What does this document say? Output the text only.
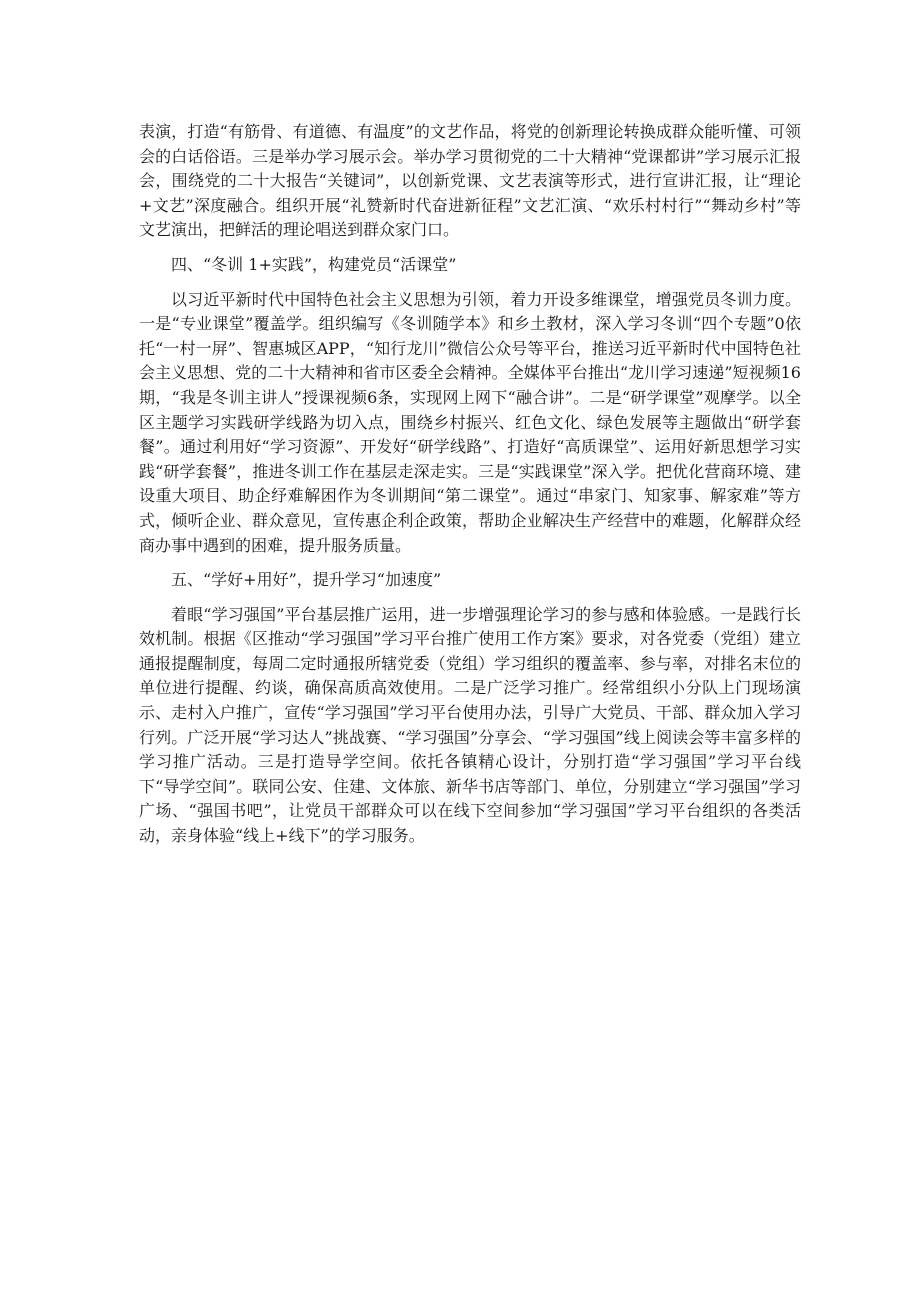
表演，打造“有筋骨、有道德、有温度”的文艺作品，将党的创新理论转换成群众能听懂、可领会的白话俗语。三是举办学习展示会。举办学习贯彻党的二十大精神“党课都讲”学习展示汇报会，围绕党的二十大报告“关键词”，以创新党课、文艺表演等形式，进行宣讲汇报，让“理论+文艺”深度融合。组织开展“礼赞新时代奋进新征程”文艺汇演、“欢乐村村行”“舞动乡村”等文艺演出，把鲜活的理论唱送到群众家门口。

四、“冬训 1+实践”，构建党员“活课堂”

以习近平新时代中国特色社会主义思想为引领，着力开设多维课堂，增强党员冬训力度。一是“专业课堂”覆盖学。组织编写《冬训随学本》和乡土教材，深入学习冬训“四个专题”0依托“一村一屏”、智惠城区APP，“知行龙川”微信公众号等平台，推送习近平新时代中国特色社会主义思想、党的二十大精神和省市区委全会精神。全媒体平台推出“龙川学习速递”短视频16期，“我是冬训主讲人”授课视频6条，实现网上网下“融合讲”。二是“研学课堂”观摩学。以全区主题学习实践研学线路为切入点，围绕乡村振兴、红色文化、绿色发展等主题做出“研学套餐”。通过利用好“学习资源”、开发好“研学线路”、打造好“高质课堂”、运用好新思想学习实践“研学套餐”，推进冬训工作在基层走深走实。三是“实践课堂”深入学。把优化营商环境、建设重大项目、助企纾难解困作为冬训期间“第二课堂”。通过“串家门、知家事、解家难”等方式，倾听企业、群众意见，宣传惠企利企政策，帮助企业解决生产经营中的难题，化解群众经商办事中遇到的困难，提升服务质量。

五、“学好+用好”，提升学习“加速度”

着眼“学习强国”平台基层推广运用，进一步增强理论学习的参与感和体验感。一是践行长效机制。根据《区推动“学习强国”学习平台推广使用工作方案》要求，对各党委（党组）建立通报提醒制度，每周二定时通报所辖党委（党组）学习组织的覆盖率、参与率，对排名末位的单位进行提醒、约谈，确保高质高效使用。二是广泛学习推广。经常组织小分队上门现场演示、走村入户推广，宣传“学习强国”学习平台使用办法，引导广大党员、干部、群众加入学习行列。广泛开展“学习达人”挑战赛、“学习强国”分享会、“学习强国”线上阅读会等丰富多样的学习推广活动。三是打造导学空间。依托各镇精心设计，分别打造“学习强国”学习平台线下“导学空间”。联同公安、住建、文体旅、新华书店等部门、单位，分别建立“学习强国”学习广场、“强国书吧”，让党员干部群众可以在线下空间参加“学习强国”学习平台组织的各类活动，亲身体验“线上+线下”的学习服务。
